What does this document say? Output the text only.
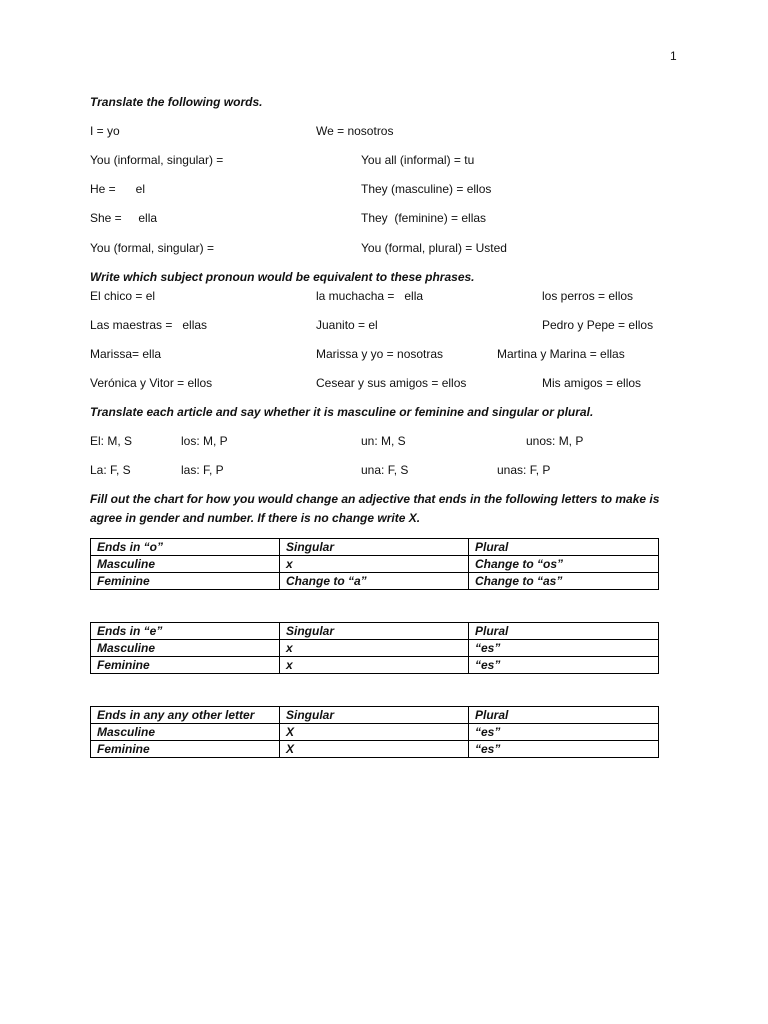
1
Translate the following words.
I = yo	We = nosotros
You (informal, singular) =	You all (informal) = tu
He =      el	They (masculine) = ellos
She =     ella	They  (feminine) = ellas
You (formal, singular) =	You (formal, plural) = Usted
Write which subject pronoun would be equivalent to these phrases.
El chico = el	la muchacha =   ella	los perros = ellos
Las maestras =   ellas	Juanito = el	Pedro y Pepe = ellos
Marissa= ella	Marissa y yo = nosotras	Martina y Marina = ellas
Verónica y Vitor = ellos	Cesear y sus amigos = ellos	Mis amigos = ellos
Translate each article and say whether it is masculine or feminine and singular or plural.
El: M, S	los: M, P	un: M, S	unos: M, P
La: F, S	las: F, P	una: F, S	unas: F, P
Fill out the chart for how you would change an adjective that ends in the following letters to make is
agree in gender and number. If there is no change write X.
Ends in “o”	Singular	Plural
Masculine	x	Change to “os”
Feminine	Change to “a”	Change to “as”
Ends in “e”	Singular	Plural
Masculine	x	“es”
Feminine	x	“es”
Ends in any any other letter	Singular	Plural
Masculine	X	“es”
Feminine	X	“es”
